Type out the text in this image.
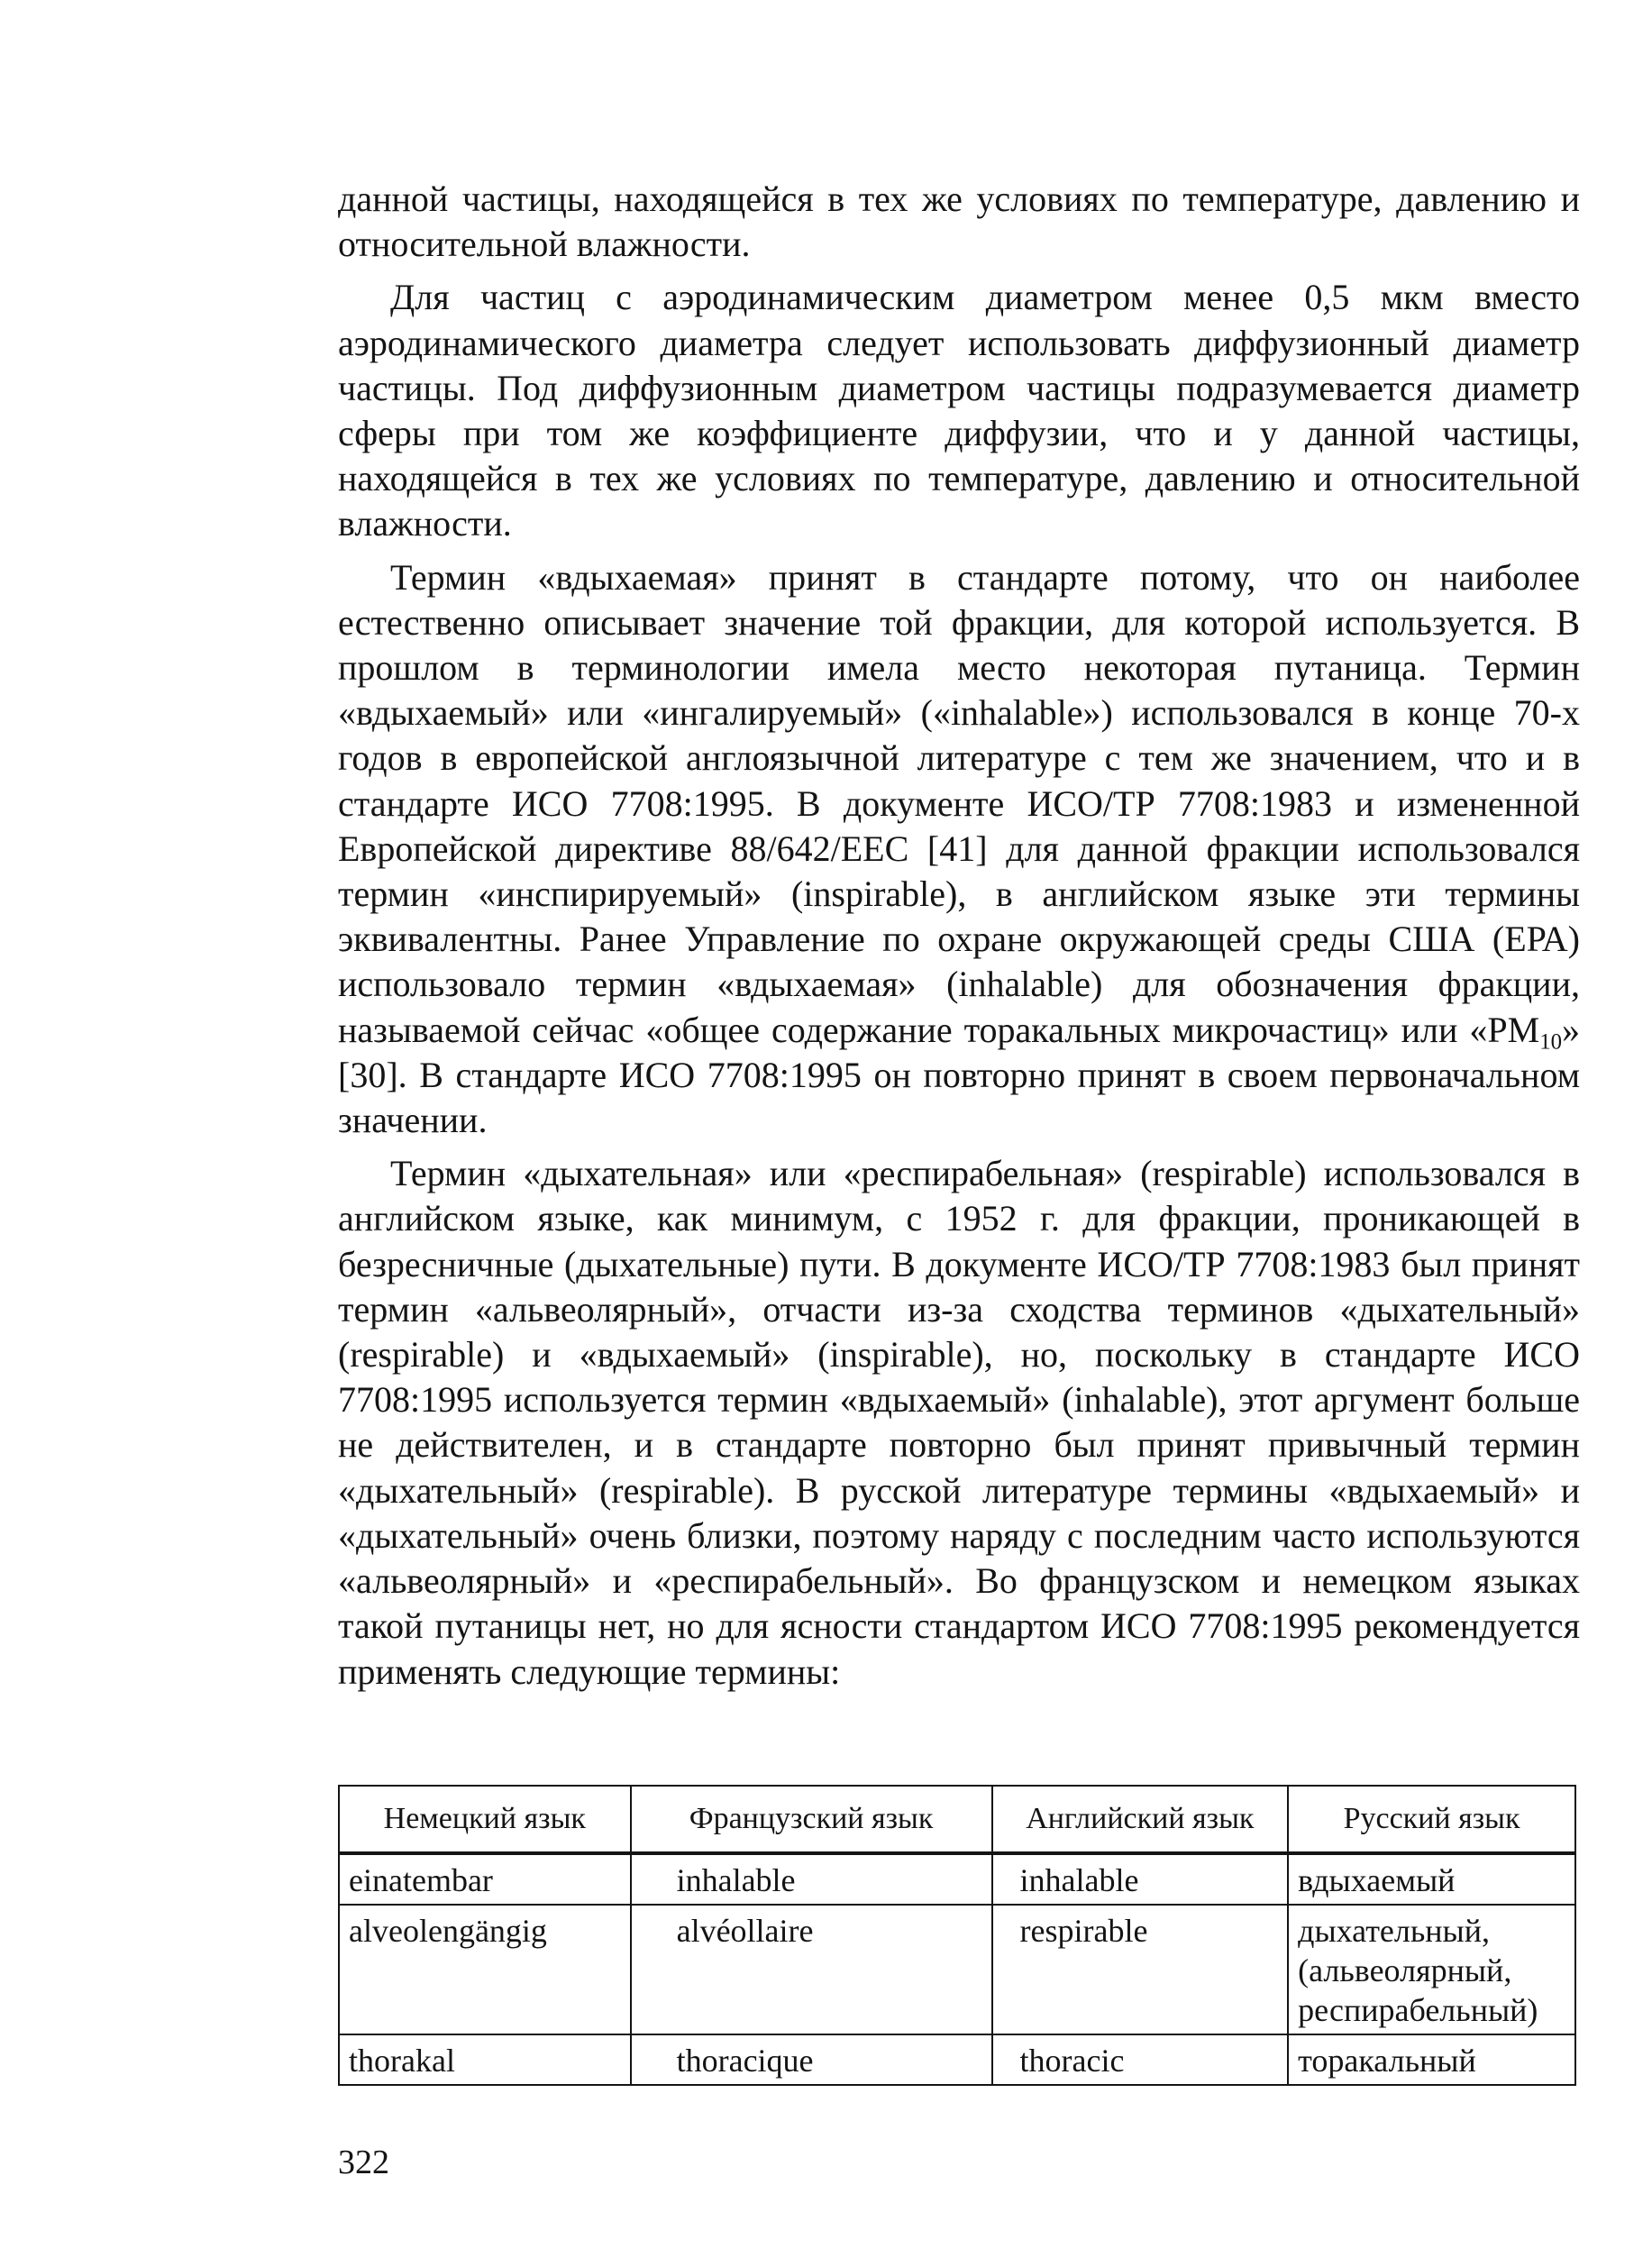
данной частицы, находящейся в тех же условиях по температуре, давлению и относительной влажности.

Для частиц с аэродинамическим диаметром менее 0,5 мкм вместо аэродинамического диаметра следует использовать диффузионный диаметр частицы. Под диффузионным диаметром частицы подразумевается диаметр сферы при том же коэффициенте диффузии, что и у данной частицы, находящейся в тех же условиях по температуре, давлению и относительной влажности.

Термин «вдыхаемая» принят в стандарте потому, что он наиболее естественно описывает значение той фракции, для которой используется. В прошлом в терминологии имела место некоторая путаница. Термин «вдыхаемый» или «ингалируемый» («inhalable») использовался в конце 70-х годов в европейской англоязычной литературе с тем же значением, что и в стандарте ИСО 7708:1995. В документе ИСО/ТР 7708:1983 и измененной Европейской директиве 88/642/ЕЕС [41] для данной фракции использовался термин «инспирируемый» (inspirable), в английском языке эти термины эквивалентны. Ранее Управление по охране окружающей среды США (ЕРА) использовало термин «вдыхаемая» (inhalable) для обозначения фракции, называемой сейчас «общее содержание торакальных микрочастиц» или «$РМ_{10}$» [30]. В стандарте ИСО 7708:1995 он повторно принят в своем первоначальном значении.

Термин «дыхательная» или «респирабельная» (respirable) использовался в английском языке, как минимум, с 1952 г. для фракции, проникающей в безресничные (дыхательные) пути. В документе ИСО/ТР 7708:1983 был принят термин «альвеолярный», отчасти из-за сходства терминов «дыхательный» (respirable) и «вдыхаемый» (inspirable), но, поскольку в стандарте ИСО 7708:1995 используется термин «вдыхаемый» (inhalable), этот аргумент больше не действителен, и в стандарте повторно был принят привычный термин «дыхательный» (respirable). В русской литературе термины «вдыхаемый» и «дыхательный» очень близки, поэтому наряду с последним часто используются «альвеолярный» и «респирабельный». Во французском и немецком языках такой путаницы нет, но для ясности стандартом ИСО 7708:1995 рекомендуется применять следующие термины:

Немецкий язык	Французский язык	Английский язык	Русский язык
einatembar	inhalable	inhalable	вдыхаемый
alveolengängig	alvéollaire	respirable	дыхательный, (альвеолярный, респирабельный)
thorakal	thoracique	thoracic	торакальный
322
